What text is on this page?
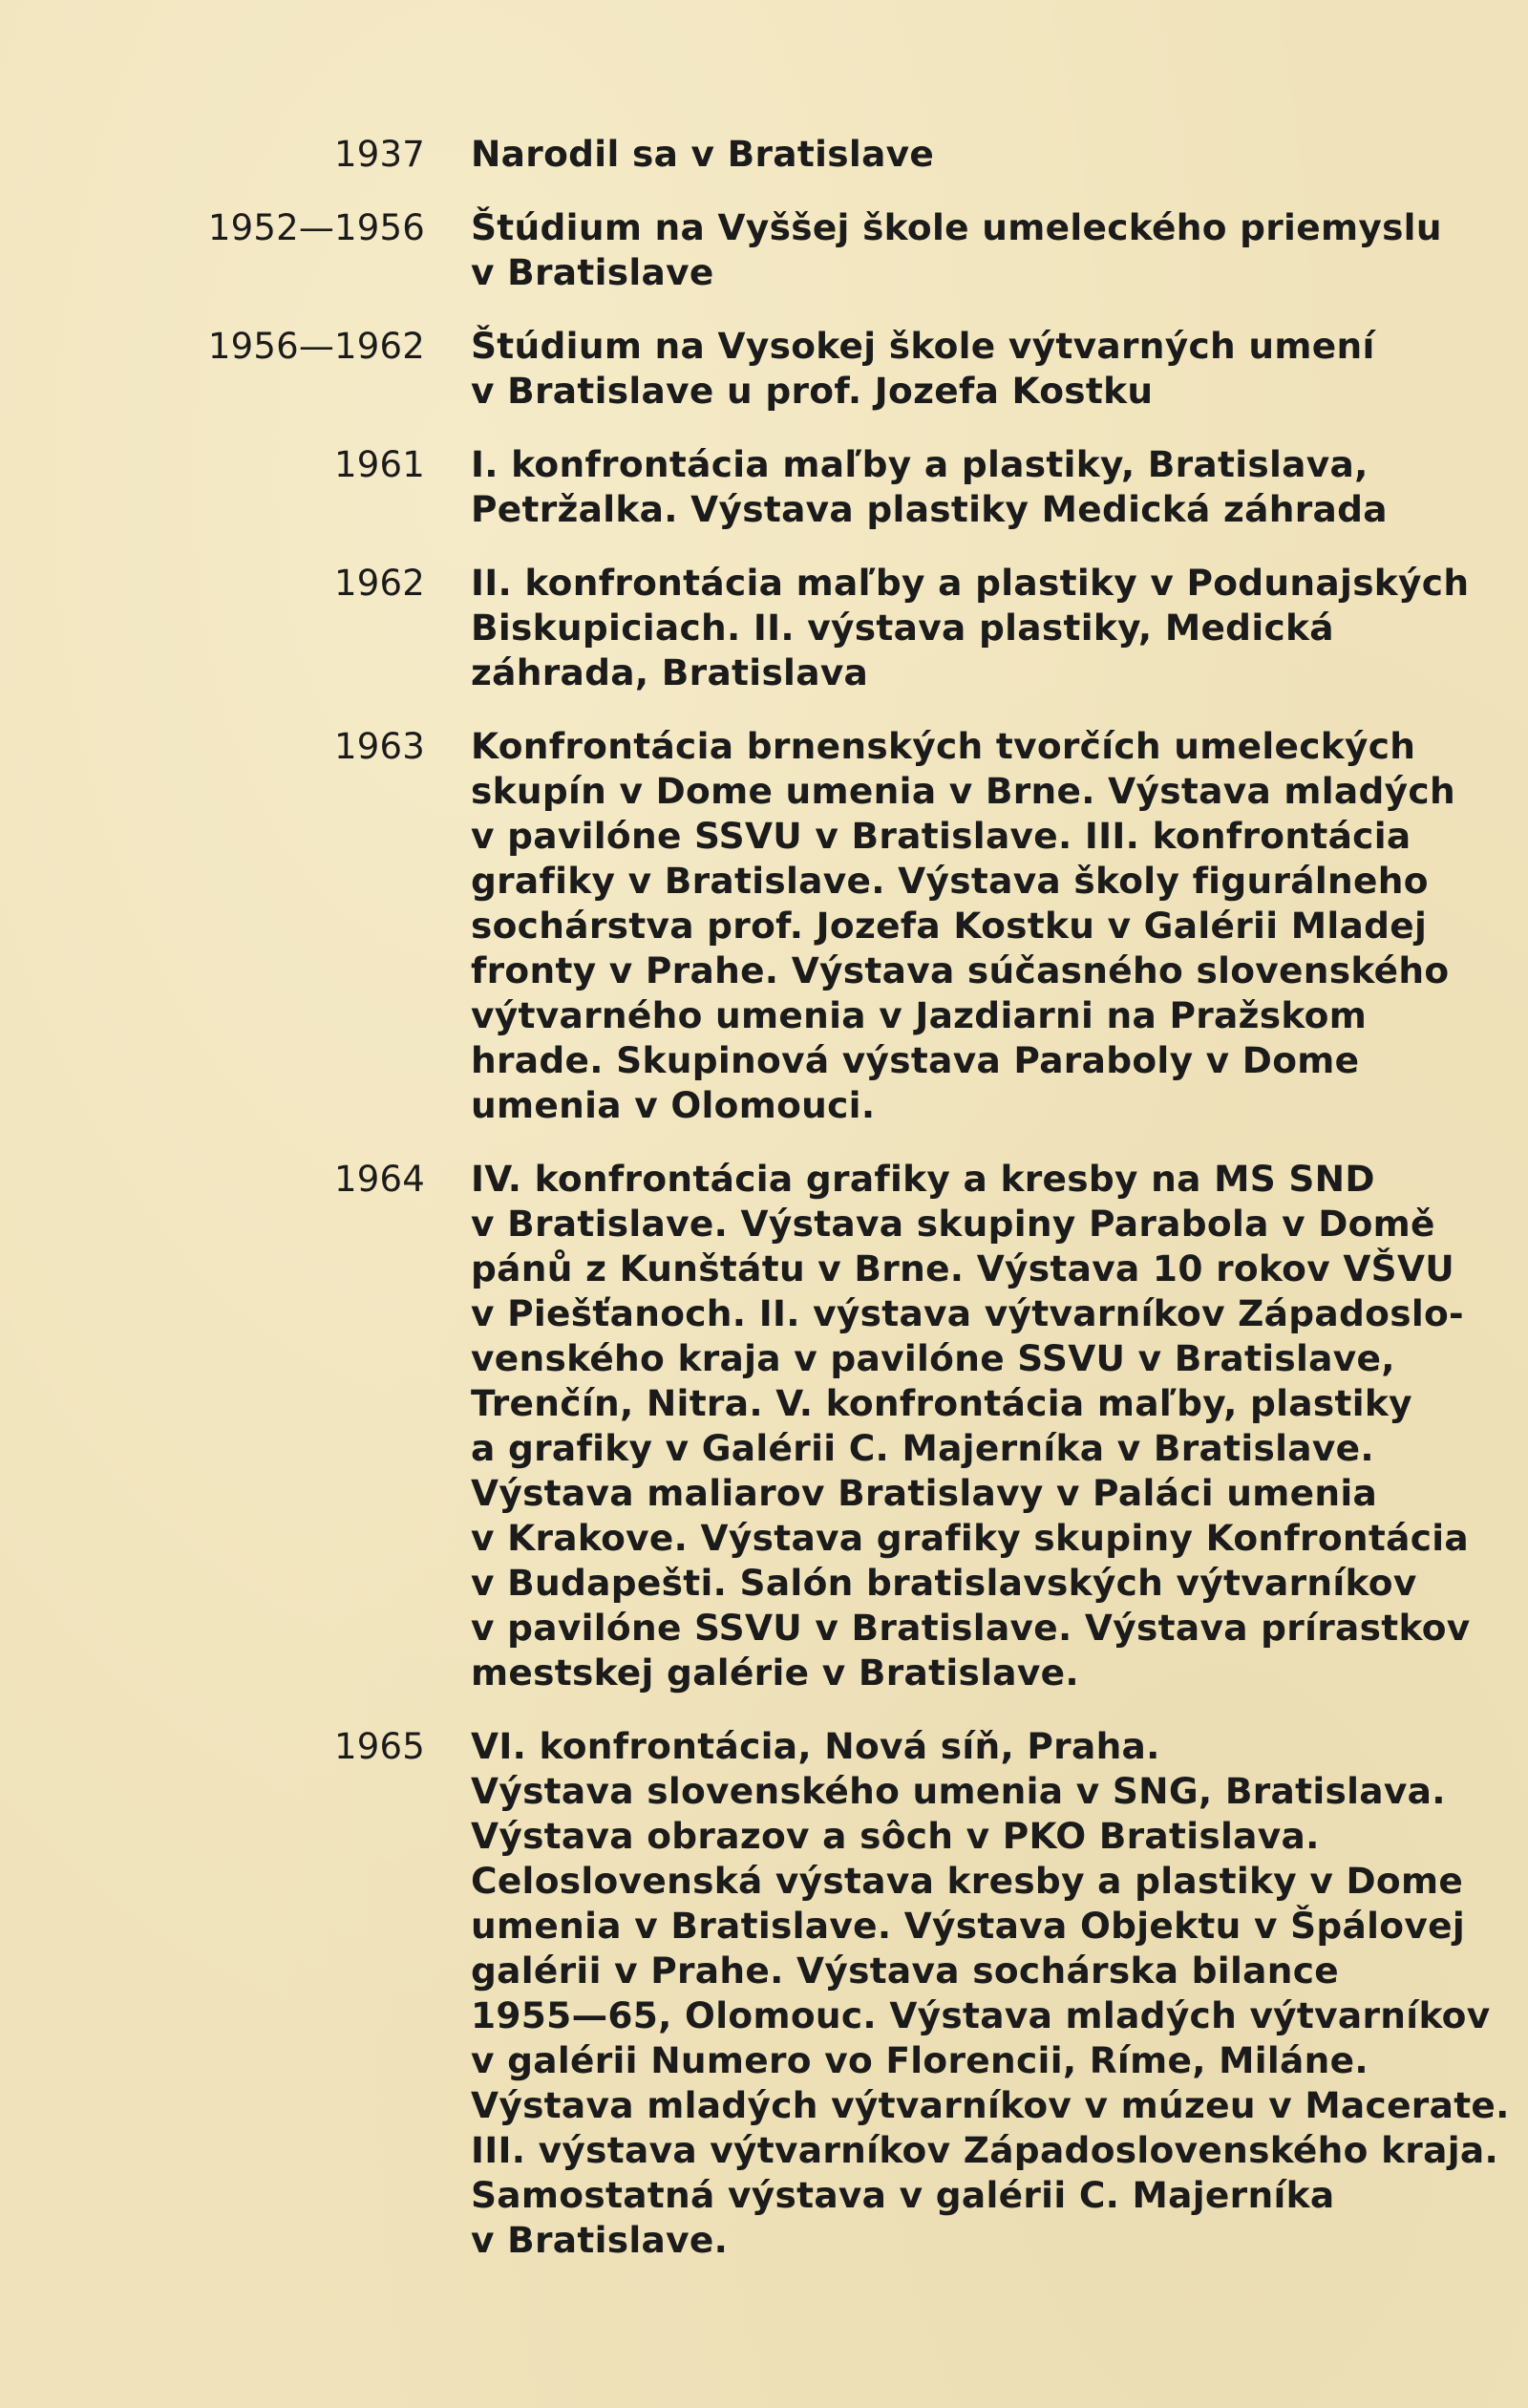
1937 Narodil sa v Bratislave
1952—1956 Štúdium na Vyššej škole umeleckého priemyslu
v Bratislave
1956—1962 Štúdium na Vysokej škole výtvarných umení
v Bratislave u prof. Jozefa Kostku
1961 I. konfrontácia maľby a plastiky, Bratislava,
Petržalka. Výstava plastiky Medická záhrada
1962 II. konfrontácia maľby a plastiky v Podunajských
Biskupiciach. II. výstava plastiky, Medická
záhrada, Bratislava
1963 Konfrontácia brnenských tvorčích umeleckých
skupín v Dome umenia v Brne. Výstava mladých
v pavilóne SSVU v Bratislave. III. konfrontácia
grafiky v Bratislave. Výstava školy figurálneho
sochárstva prof. Jozefa Kostku v Galérii Mladej
fronty v Prahe. Výstava súčasného slovenského
výtvarného umenia v Jazdiarni na Pražskom
hrade. Skupinová výstava Paraboly v Dome
umenia v Olomouci.
1964 IV. konfrontácia grafiky a kresby na MS SND
v Bratislave. Výstava skupiny Parabola v Domě
pánů z Kunštátu v Brne. Výstava 10 rokov VŠVU
v Piešťanoch. II. výstava výtvarníkov Západoslo-
venského kraja v pavilóne SSVU v Bratislave,
Trenčín, Nitra. V. konfrontácia maľby, plastiky
a grafiky v Galérii C. Majerníka v Bratislave.
Výstava maliarov Bratislavy v Paláci umenia
v Krakove. Výstava grafiky skupiny Konfrontácia
v Budapešti. Salón bratislavských výtvarníkov
v pavilóne SSVU v Bratislave. Výstava prírastkov
mestskej galérie v Bratislave.
1965 VI. konfrontácia, Nová síň, Praha.
Výstava slovenského umenia v SNG, Bratislava.
Výstava obrazov a sôch v PKO Bratislava.
Celoslovenská výstava kresby a plastiky v Dome
umenia v Bratislave. Výstava Objektu v Špálovej
galérii v Prahe. Výstava sochárska bilance
1955—65, Olomouc. Výstava mladých výtvarníkov
v galérii Numero vo Florencii, Ríme, Miláne.
Výstava mladých výtvarníkov v múzeu v Macerate.
III. výstava výtvarníkov Západoslovenského kraja.
Samostatná výstava v galérii C. Majerníka
v Bratislave.
